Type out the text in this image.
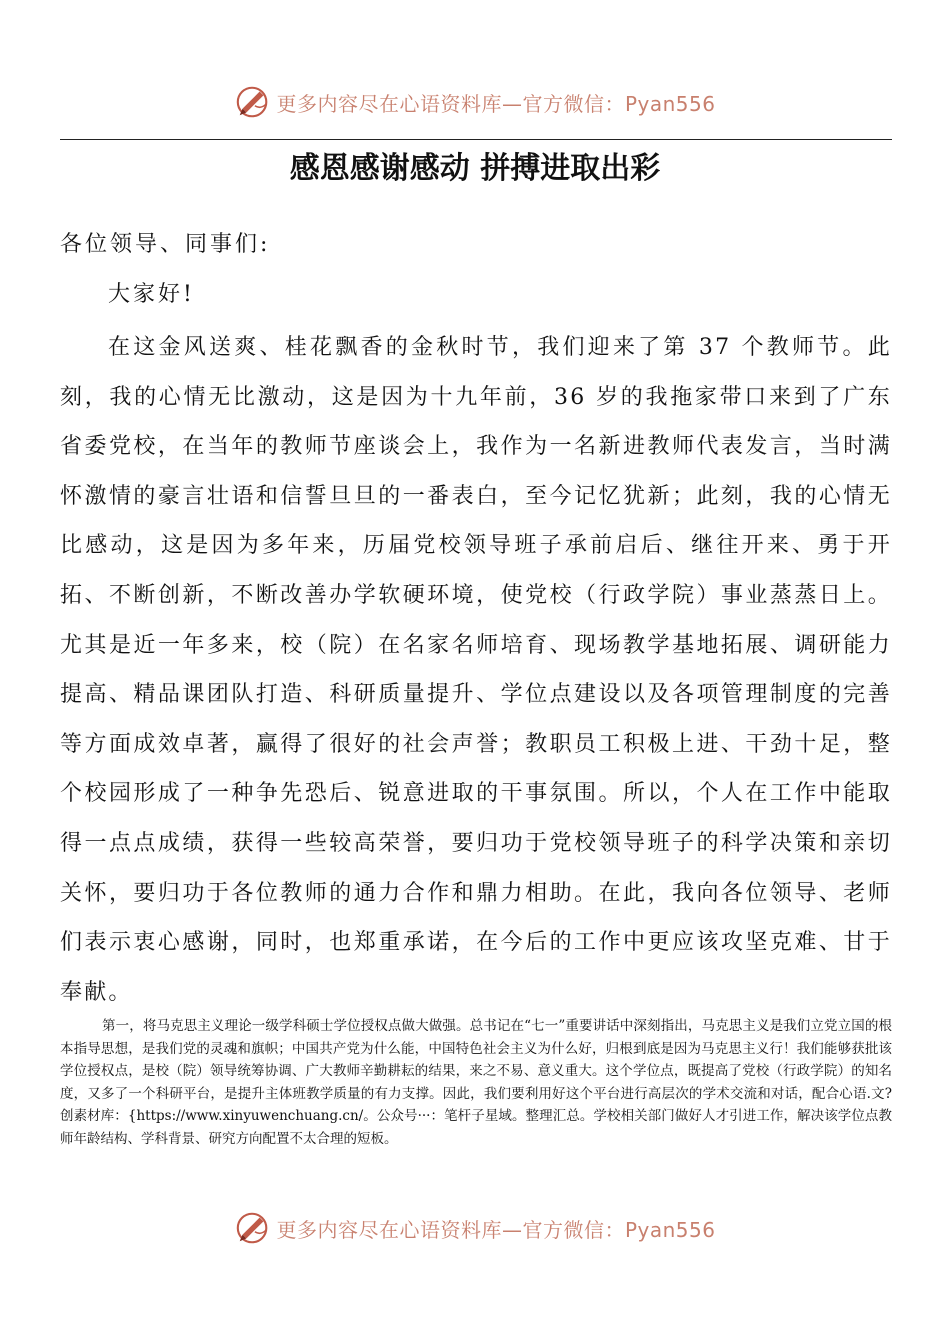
更多内容尽在心语资料库—官方微信：Pyan556
感恩感谢感动 拼搏进取出彩

各位领导、同事们:

大家好!

在这金风送爽、桂花飘香的金秋时节，我们迎来了第 37 个教师节。此刻，我的心情无比激动，这是因为十九年前，36 岁的我拖家带口来到了广东省委党校，在当年的教师节座谈会上，我作为一名新进教师代表发言，当时满怀激情的豪言壮语和信誓旦旦的一番表白，至今记忆犹新；此刻，我的心情无比感动，这是因为多年来，历届党校领导班子承前启后、继往开来、勇于开拓、不断创新，不断改善办学软硬环境，使党校（行政学院）事业蒸蒸日上。尤其是近一年多来，校（院）在名家名师培育、现场教学基地拓展、调研能力提高、精品课团队打造、科研质量提升、学位点建设以及各项管理制度的完善等方面成效卓著，赢得了很好的社会声誉；教职员工积极上进、干劲十足，整个校园形成了一种争先恐后、锐意进取的干事氛围。所以，个人在工作中能取得一点点成绩，获得一些较高荣誉，要归功于党校领导班子的科学决策和亲切关怀，要归功于各位教师的通力合作和鼎力相助。在此，我向各位领导、老师们表示衷心感谢，同时，也郑重承诺，在今后的工作中更应该攻坚克难、甘于奉献。

第一，将马克思主义理论一级学科硕士学位授权点做大做强。总书记在“七一”重要讲话中深刻指出，马克思主义是我们立党立国的根本指导思想，是我们党的灵魂和旗帜；中国共产党为什么能，中国特色社会主义为什么好，归根到底是因为马克思主义行！我们能够获批该学位授权点，是校（院）领导统筹协调、广大教师辛勤耕耘的结果，来之不易、意义重大。这个学位点，既提高了党校（行政学院）的知名度，又多了一个科研平台，是提升主体班教学质量的有力支撑。因此，我们要利用好这个平台进行高层次的学术交流和对话，配合心语.文?创素材库：{https://www.xinyuwenchuang.cn/。公众号···：笔杆子星域。整理汇总。学校相关部门做好人才引进工作，解决该学位点教师年龄结构、学科背景、研究方向配置不太合理的短板。

更多内容尽在心语资料库—官方微信：Pyan556
